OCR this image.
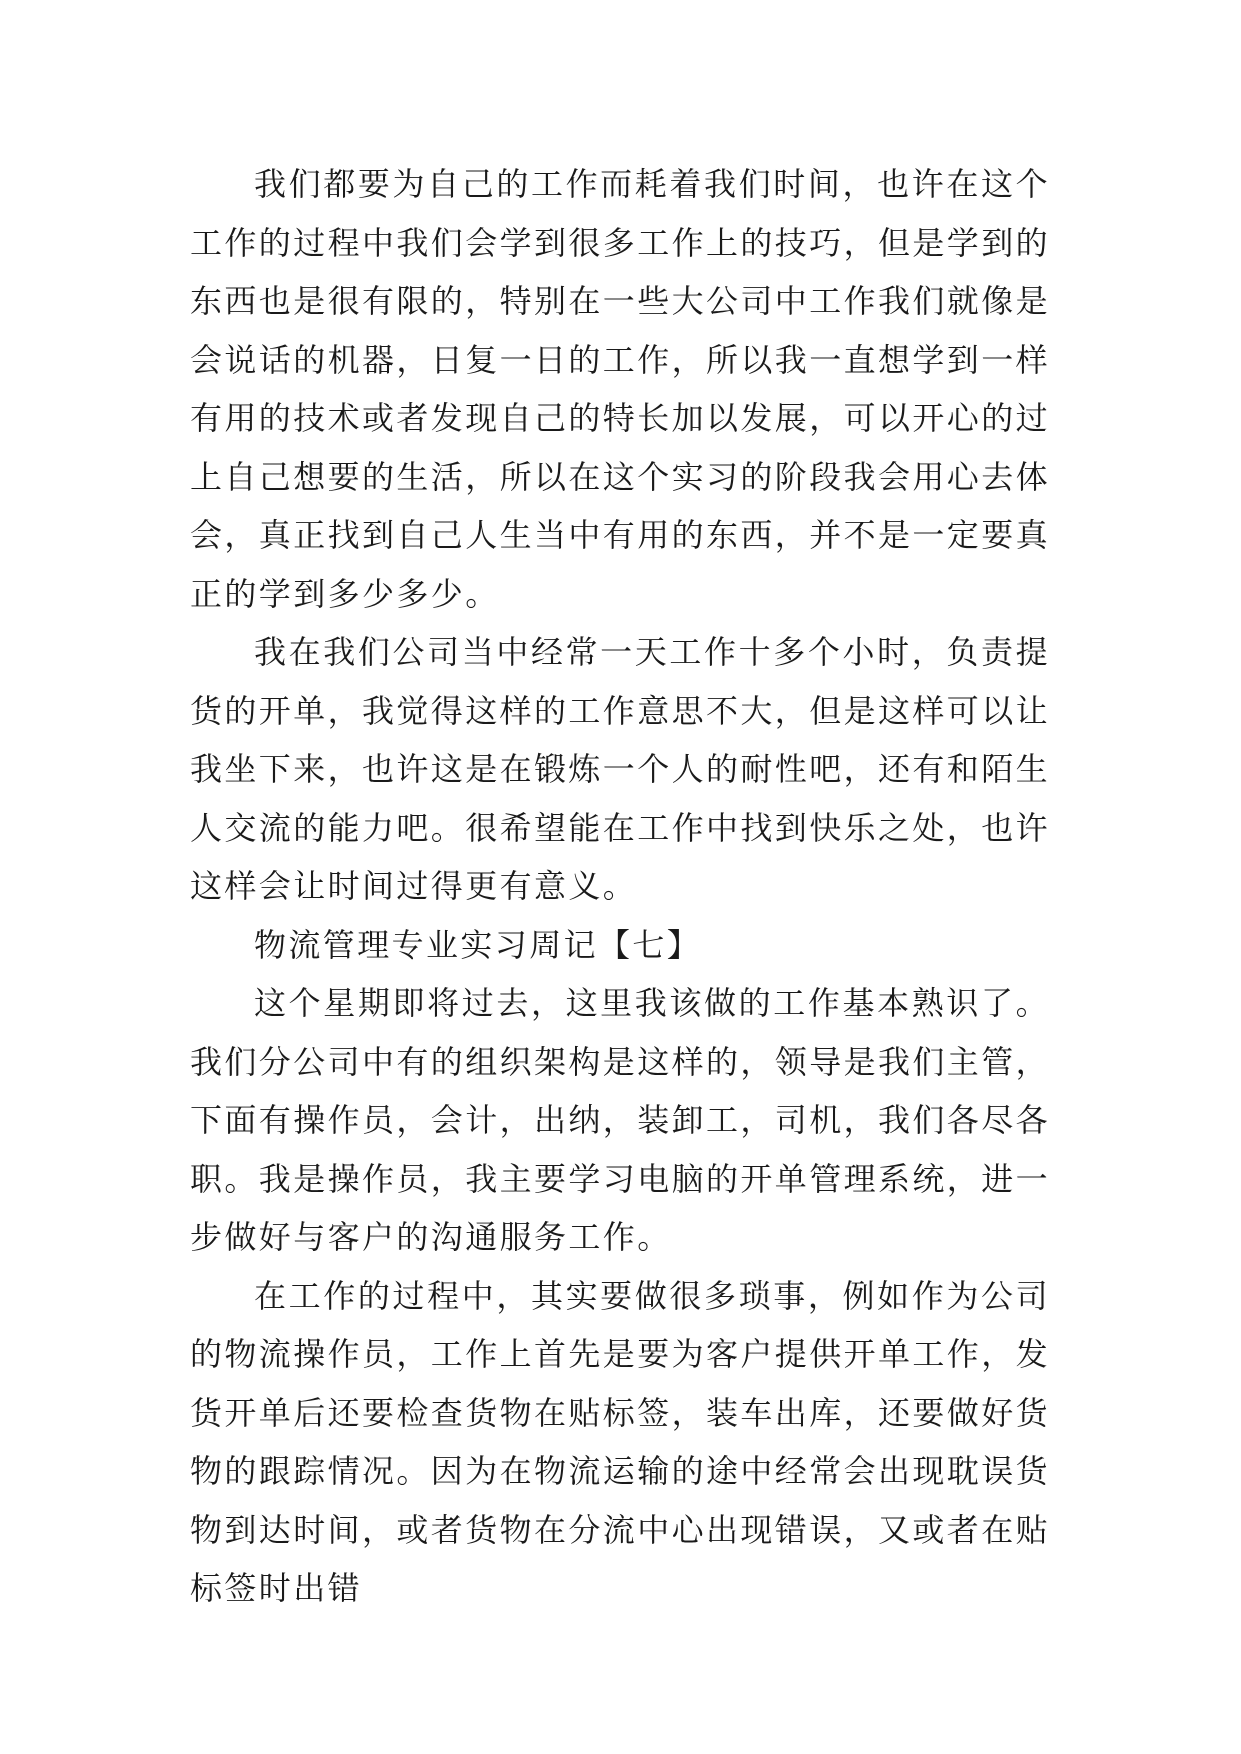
我们都要为自己的工作而耗着我们时间，也许在这个工作的过程中我们会学到很多工作上的技巧，但是学到的东西也是很有限的，特别在一些大公司中工作我们就像是会说话的机器，日复一日的工作，所以我一直想学到一样有用的技术或者发现自己的特长加以发展，可以开心的过上自己想要的生活，所以在这个实习的阶段我会用心去体会，真正找到自己人生当中有用的东西，并不是一定要真正的学到多少多少。

我在我们公司当中经常一天工作十多个小时，负责提货的开单，我觉得这样的工作意思不大，但是这样可以让我坐下来，也许这是在锻炼一个人的耐性吧，还有和陌生人交流的能力吧。很希望能在工作中找到快乐之处，也许这样会让时间过得更有意义。

物流管理专业实习周记【七】

这个星期即将过去，这里我该做的工作基本熟识了。我们分公司中有的组织架构是这样的，领导是我们主管，下面有操作员，会计，出纳，装卸工，司机，我们各尽各职。我是操作员，我主要学习电脑的开单管理系统，进一步做好与客户的沟通服务工作。

在工作的过程中，其实要做很多琐事，例如作为公司的物流操作员，工作上首先是要为客户提供开单工作，发货开单后还要检查货物在贴标签，装车出库，还要做好货物的跟踪情况。因为在物流运输的途中经常会出现耽误货物到达时间，或者货物在分流中心出现错误，又或者在贴标签时出错
